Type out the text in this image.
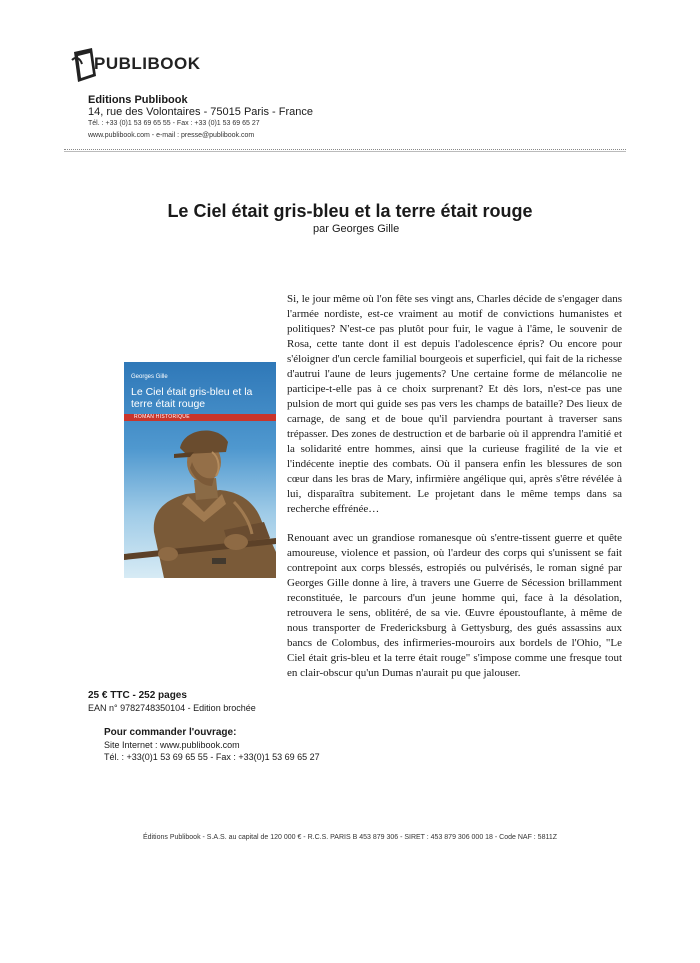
PUBLIBOOK
Editions Publibook
14, rue des Volontaires - 75015 Paris - France
Tél. : +33 (0)1 53 69 65 55 - Fax : +33 (0)1 53 69 65 27
www.publibook.com - e-mail : presse@publibook.com
Le Ciel était gris-bleu et la terre était rouge
par Georges Gille
Georges Gille
Le Ciel était gris-bleu et la terre était rouge
ROMAN HISTORIQUE
Si, le jour même où l'on fête ses vingt ans, Charles décide de s'engager dans l'armée nordiste, est-ce vraiment au motif de convictions humanistes et politiques? N'est-ce pas plutôt pour fuir, le vague à l'âme, le souvenir de Rosa, cette tante dont il est depuis l'adolescence épris? Ou encore pour s'éloigner d'un cercle familial bourgeois et superficiel, qui fait de la richesse d'autrui l'aune de leurs jugements? Une certaine forme de mélancolie ne participe-t-elle pas à ce choix surprenant? Et dès lors, n'est-ce pas une pulsion de mort qui guide ses pas vers les champs de bataille? Des lieux de carnage, de sang et de boue qu'il parviendra pourtant à traverser sans trépasser. Des zones de destruction et de barbarie où il apprendra l'amitié et la solidarité entre hommes, ainsi que la curieuse fragilité de la vie et l'indécente ineptie des combats. Où il pansera enfin les blessures de son cœur dans les bras de Mary, infirmière angélique qui, après s'être révélée à lui, disparaîtra subitement. Le projetant dans le même temps dans sa recherche effrénée…
Renouant avec un grandiose romanesque où s'entre-tissent guerre et quête amoureuse, violence et passion, où l'ardeur des corps qui s'unissent se fait contrepoint aux corps blessés, estropiés ou pulvérisés, le roman signé par Georges Gille donne à lire, à travers une Guerre de Sécession brillamment reconstituée, le parcours d'un jeune homme qui, face à la désolation, retrouvera le sens, oblitéré, de sa vie. Œuvre époustouflante, à même de nous transporter de Fredericksburg à Gettysburg, des gués assassins aux bancs de Colombus, des infirmeries-mouroirs aux bordels de l'Ohio, "Le Ciel était gris-bleu et la terre était rouge" s'impose comme une fresque tout en clair-obscur qu'un Dumas n'aurait pu que jalouser.
25 € TTC - 252 pages
EAN n° 9782748350104 - Edition brochée
Pour commander l'ouvrage:
Site Internet : www.publibook.com
Tél. : +33(0)1 53 69 65 55 - Fax : +33(0)1 53 69 65 27
Éditions Publibook - S.A.S. au capital de 120 000 € - R.C.S. PARIS B 453 879 306 - SIRET : 453 879 306 000 18 - Code NAF : 5811Z
